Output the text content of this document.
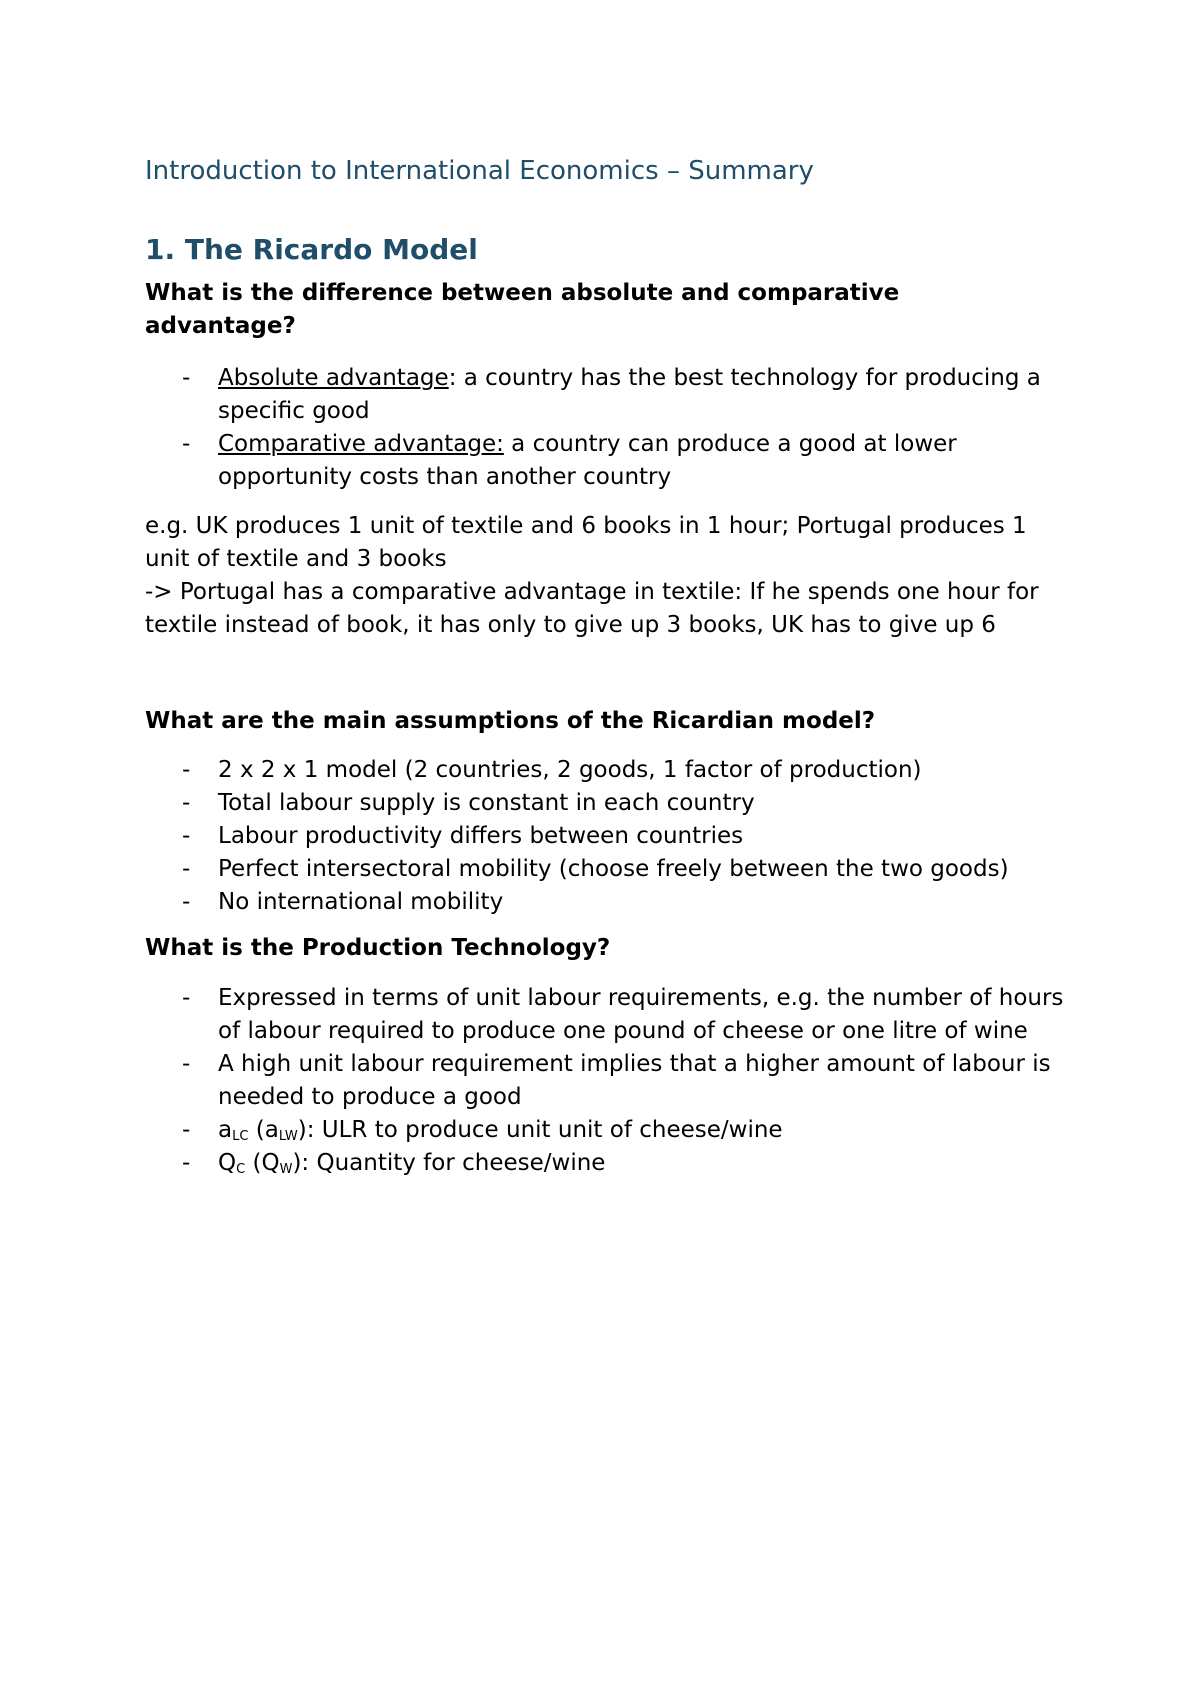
Introduction to International Economics – Summary
1. The Ricardo Model

What is the difference between absolute and comparative advantage?

- Absolute advantage: a country has the best technology for producing a specific good
- Comparative advantage: a country can produce a good at lower opportunity costs than another country

e.g. UK produces 1 unit of textile and 6 books in 1 hour; Portugal produces 1 unit of textile and 3 books

-> Portugal has a comparative advantage in textile: If he spends one hour for textile instead of book, it has only to give up 3 books, UK has to give up 6

What are the main assumptions of the Ricardian model?

- 2 x 2 x 1 model (2 countries, 2 goods, 1 factor of production)
- Total labour supply is constant in each country
- Labour productivity differs between countries
- Perfect intersectoral mobility (choose freely between the two goods)
- No international mobility

What is the Production Technology?

- Expressed in terms of unit labour requirements, e.g. the number of hours of labour required to produce one pound of cheese or one litre of wine
- A high unit labour requirement implies that a higher amount of labour is needed to produce a good
- $a_{LC}$ $(a_{LW})$: ULR to produce unit unit of cheese/wine
- $Q_C$ $(Q_W)$: Quantity for cheese/wine
